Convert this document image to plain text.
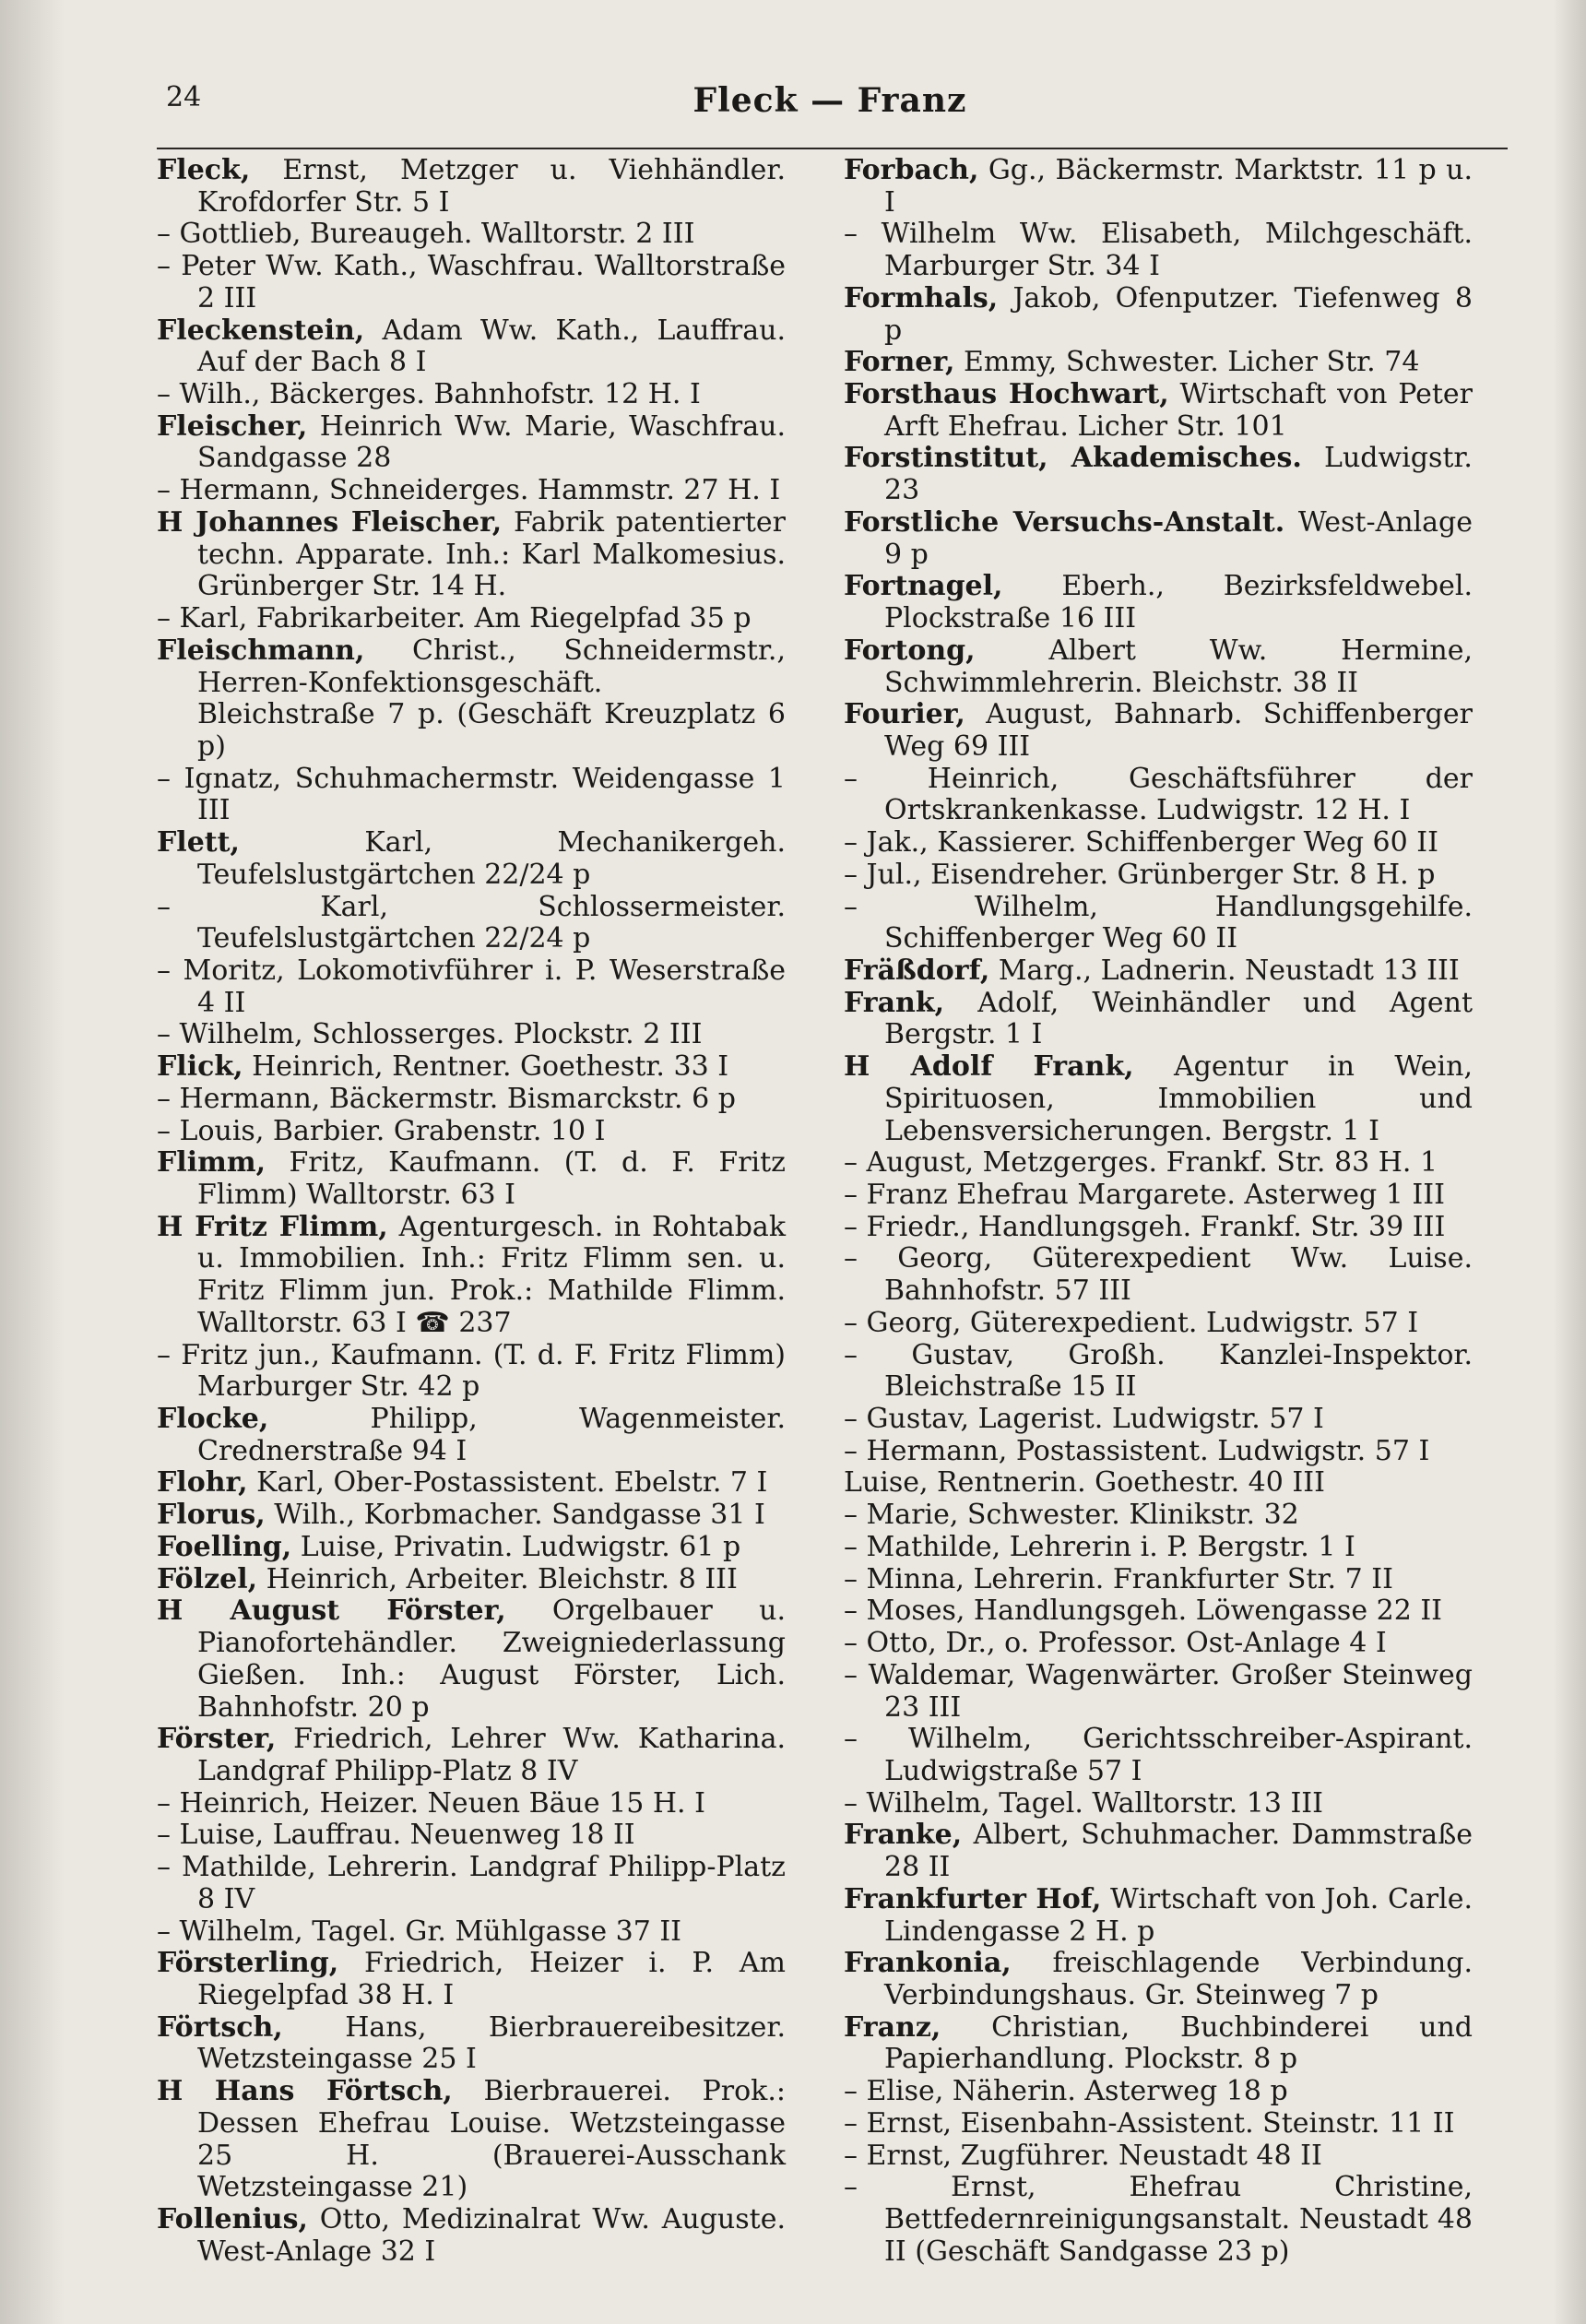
24	Fleck — Franz

Fleck, Ernst, Metzger u. Viehhändler. Krofdorfer Str. 5 I

– Gottlieb, Bureaugeh. Walltorstr. 2 III

– Peter Ww. Kath., Waschfrau. Walltorstraße 2 III

Fleckenstein, Adam Ww. Kath., Lauffrau. Auf der Bach 8 I

– Wilh., Bäckerges. Bahnhofstr. 12 H. I

Fleischer, Heinrich Ww. Marie, Waschfrau. Sandgasse 28

– Hermann, Schneiderges. Hammstr. 27 H. I

H Johannes Fleischer, Fabrik patentierter techn. Apparate. Inh.: Karl Malkomesius. Grünberger Str. 14 H.

– Karl, Fabrikarbeiter. Am Riegelpfad 35 p

Fleischmann, Christ., Schneidermstr., Herren-Konfektionsgeschäft. Bleichstraße 7 p. (Geschäft Kreuzplatz 6 p)

– Ignatz, Schuhmachermstr. Weidengasse 1 III

Flett,	Karl, Mechanikergeh. Teufelslustgärtchen 22/24 p

– Karl, Schlossermeister. Teufelslustgärtchen 22/24 p

– Moritz, Lokomotivführer i. P. Weserstraße 4 II

– Wilhelm, Schlosserges. Plockstr. 2 III

Flick, Heinrich, Rentner. Goethestr. 33 I

– Hermann, Bäckermstr. Bismarckstr. 6 p

– Louis, Barbier. Grabenstr. 10 I

Flimm, Fritz, Kaufmann. (T. d. F. Fritz Flimm) Walltorstr. 63 I

H Fritz Flimm, Agenturgesch. in Rohtabak u. Immobilien. Inh.: Fritz Flimm sen. u. Fritz Flimm jun. Prok.: Mathilde Flimm. Walltorstr. 63 I ☎ 237

– Fritz jun., Kaufmann. (T. d. F. Fritz Flimm) Marburger Str. 42 p

Flocke,	Philipp, Wagenmeister. Crednerstraße 94 I

Flohr, Karl, Ober-Postassistent. Ebelstr. 7 I

Florus, Wilh., Korbmacher. Sandgasse 31 I

Foelling, Luise, Privatin. Ludwigstr. 61 p

Fölzel, Heinrich, Arbeiter. Bleichstr. 8 III

H August Förster, Orgelbauer u. Pianofortehändler. Zweigniederlassung Gießen. Inh.: August Förster, Lich. Bahnhofstr. 20 p

Förster, Friedrich, Lehrer Ww. Katharina. Landgraf Philipp-Platz 8 IV

– Heinrich, Heizer. Neuen Bäue 15 H. I

– Luise, Lauffrau. Neuenweg 18 II

– Mathilde, Lehrerin. Landgraf Philipp-Platz 8 IV

– Wilhelm, Tagel. Gr. Mühlgasse 37 II

Försterling, Friedrich, Heizer i. P. Am Riegelpfad 38 H. I

Förtsch, Hans, Bierbrauereibesitzer. Wetzsteingasse 25 I

H Hans Förtsch, Bierbrauerei. Prok.: Dessen Ehefrau Louise. Wetzsteingasse 25 H. (Brauerei-Ausschank Wetzsteingasse 21)

Follenius, Otto, Medizinalrat Ww. Auguste. West-Anlage 32 I

Forbach, Gg., Bäckermstr. Marktstr. 11 p u. I

– Wilhelm Ww. Elisabeth, Milchgeschäft. Marburger Str. 34 I

Formhals, Jakob, Ofenputzer. Tiefenweg 8 p

Forner, Emmy, Schwester. Licher Str. 74

Forsthaus Hochwart, Wirtschaft von Peter Arft Ehefrau. Licher Str. 101

Forstinstitut, Akademisches. Ludwigstr. 23

Forstliche Versuchs-Anstalt. West-Anlage 9 p

Fortnagel, Eberh., Bezirksfeldwebel. Plockstraße 16 III

Fortong,	Albert Ww. Hermine, Schwimmlehrerin. Bleichstr. 38 II

Fourier, August, Bahnarb. Schiffenberger Weg 69 III

– Heinrich, Geschäftsführer der Ortskrankenkasse. Ludwigstr. 12 H. I

– Jak., Kassierer. Schiffenberger Weg 60 II

– Jul., Eisendreher. Grünberger Str. 8 H. p

– Wilhelm, Handlungsgehilfe. Schiffenberger Weg 60 II

Fräßdorf, Marg., Ladnerin. Neustadt 13 III

Frank, Adolf, Weinhändler und Agent Bergstr. 1 I

H Adolf Frank, Agentur in Wein, Spirituosen, Immobilien und Lebensversicherungen. Bergstr. 1 I

– August, Metzgerges. Frankf. Str. 83 H. 1

– Franz Ehefrau Margarete. Asterweg 1 III

– Friedr., Handlungsgeh. Frankf. Str. 39 III

– Georg, Güterexpedient Ww. Luise. Bahnhofstr. 57 III

– Georg, Güterexpedient. Ludwigstr. 57 I

– Gustav, Großh. Kanzlei-Inspektor. Bleichstraße 15 II

– Gustav, Lagerist. Ludwigstr. 57 I

– Hermann, Postassistent. Ludwigstr. 57 I

Luise, Rentnerin. Goethestr. 40 III

– Marie, Schwester. Klinikstr. 32

– Mathilde, Lehrerin i. P. Bergstr. 1 I

– Minna, Lehrerin. Frankfurter Str. 7 II

– Moses, Handlungsgeh. Löwengasse 22 II

– Otto, Dr., o. Professor. Ost-Anlage 4 I

– Waldemar, Wagenwärter. Großer Steinweg 23 III

– Wilhelm, Gerichtsschreiber-Aspirant. Ludwigstraße 57 I

– Wilhelm, Tagel. Walltorstr. 13 III

Franke, Albert, Schuhmacher. Dammstraße 28 II

Frankfurter Hof, Wirtschaft von Joh. Carle. Lindengasse 2 H. p

Frankonia, freischlagende Verbindung. Verbindungshaus. Gr. Steinweg 7 p

Franz, Christian, Buchbinderei und Papierhandlung. Plockstr. 8 p

– Elise, Näherin. Asterweg 18 p

– Ernst, Eisenbahn-Assistent. Steinstr. 11 II

– Ernst, Zugführer. Neustadt 48 II

– Ernst, Ehefrau Christine, Bettfedernreinigungsanstalt. Neustadt 48 II (Geschäft Sandgasse 23 p)
